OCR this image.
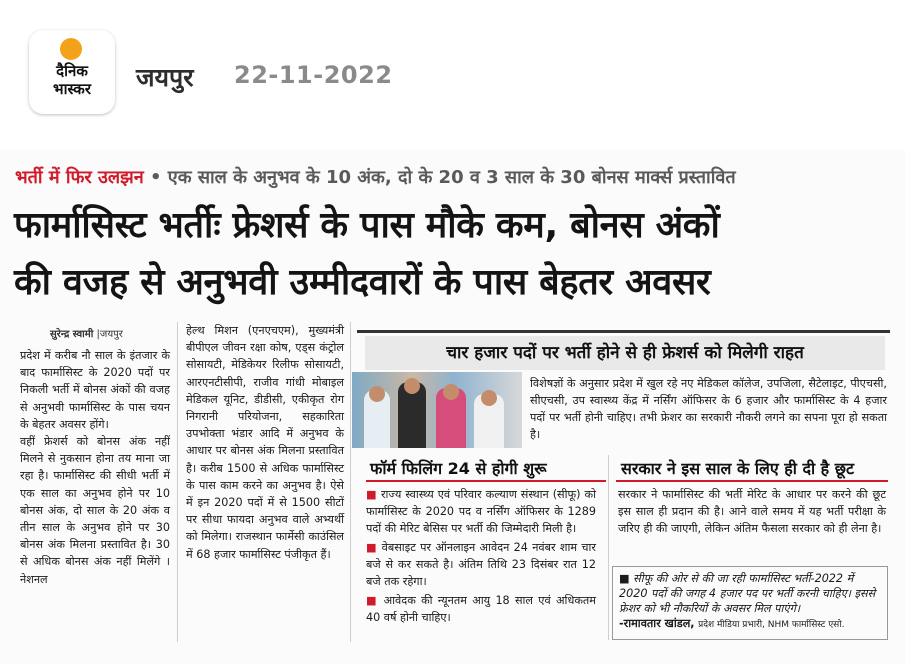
दैनिक
भास्कर	जयपुर 22-11-2022
भर्ती में फिर उलझन • एक साल के अनुभव के 10 अंक, दो के 20 व 3 साल के 30 बोनस मार्क्स प्रस्तावित
फार्मासिस्ट भर्तीः फ्रेशर्स के पास मौके कम, बोनस अंकों
की वजह से अनुभवी उम्मीदवारों के पास बेहतर अवसर
सुरेन्द्र स्वामी |जयपुर

प्रदेश में करीब नौ साल के इंतजार के बाद फार्मासिस्ट के 2020 पदों पर निकली भर्ती में बोनस अंकों की वजह से अनुभवी फार्मासिस्ट के पास चयन के बेहतर अवसर होंगे।

वहीं फ्रेशर्स को बोनस अंक नहीं मिलने से नुकसान होना तय माना जा रहा है। फार्मासिस्ट की सीधी भर्ती में एक साल का अनुभव होने पर 10 बोनस अंक, दो साल के 20 अंक व तीन साल के अनुभव होने पर 30 बोनस अंक मिलना प्रस्तावित है। 30 से अधिक बोनस अंक नहीं मिलेंगे । नेशनल

हेल्थ मिशन (एनएचएम), मुख्यमंत्री बीपीएल जीवन रक्षा कोष, एड्स कंट्रोल सोसायटी, मेडिकेयर रिलीफ सोसायटी, आरएनटीसीपी, राजीव गांधी मोबाइल मेडिकल यूनिट, डीडीसी, एकीकृत रोग निगरानी परियोजना, सहकारिता उपभोक्ता भंडार आदि में अनुभव के आधार पर बोनस अंक मिलना प्रस्तावित है। करीब 1500 से अधिक फार्मासिस्ट के पास काम करने का अनुभव है। ऐसे में इन 2020 पदों में से 1500 सीटों पर सीधा फायदा अनुभव वाले अभ्यर्थी को मिलेगा। राजस्थान फार्मेसी काउंसिल में 68 हजार फार्मासिस्ट पंजीकृत हैं।

चार हजार पदों पर भर्ती होने से ही फ्रेशर्स को मिलेगी राहत
विशेषज्ञों के अनुसार प्रदेश में खुल रहे नए मेडिकल कॉलेज, उपजिला, सैटेलाइट, पीएचसी, सीएचसी, उप स्वास्थ्य केंद्र में नर्सिंग ऑफिसर के 6 हजार और फार्मासिस्ट के 4 हजार पदों पर भर्ती होनी चाहिए। तभी फ्रेशर का सरकारी नौकरी लगने का सपना पूरा हो सकता है।
फॉर्म फिलिंग 24 से होगी शुरू

■ राज्य स्वास्थ्य एवं परिवार कल्याण संस्थान (सीफू) को फार्मासिस्ट के 2020 पद व नर्सिंग ऑफिसर के 1289 पदों की मेरिट बेसिस पर भर्ती की जिम्मेदारी मिली है।

■ वेबसाइट पर ऑनलाइन आवेदन 24 नवंबर शाम चार बजे से कर सकते है। अंतिम तिथि 23 दिसंबर रात 12 बजे तक रहेगा।

■ आवेदक की न्यूनतम आयु 18 साल एवं अधिकतम 40 वर्ष होनी चाहिए।

सरकार ने इस साल के लिए ही दी है छूट
सरकार ने फार्मासिस्ट की भर्ती मेरिट के आधार पर करने की छूट इस साल ही प्रदान की है। आने वाले समय में यह भर्ती परीक्षा के जरिए ही की जाएगी, लेकिन अंतिम फैसला सरकार को ही लेना है।
■ सीफू की ओर से की जा रही फार्मासिस्ट भर्ती-2022 में 2020 पदों की जगह 4 हजार पद पर भर्ती करनी चाहिए। इससे फ्रेशर को भी नौकरियों के अवसर मिल पाएंगे।
-रामावतार खांडल, प्रदेश मीडिया प्रभारी, NHM फार्मासिस्ट एसो.
